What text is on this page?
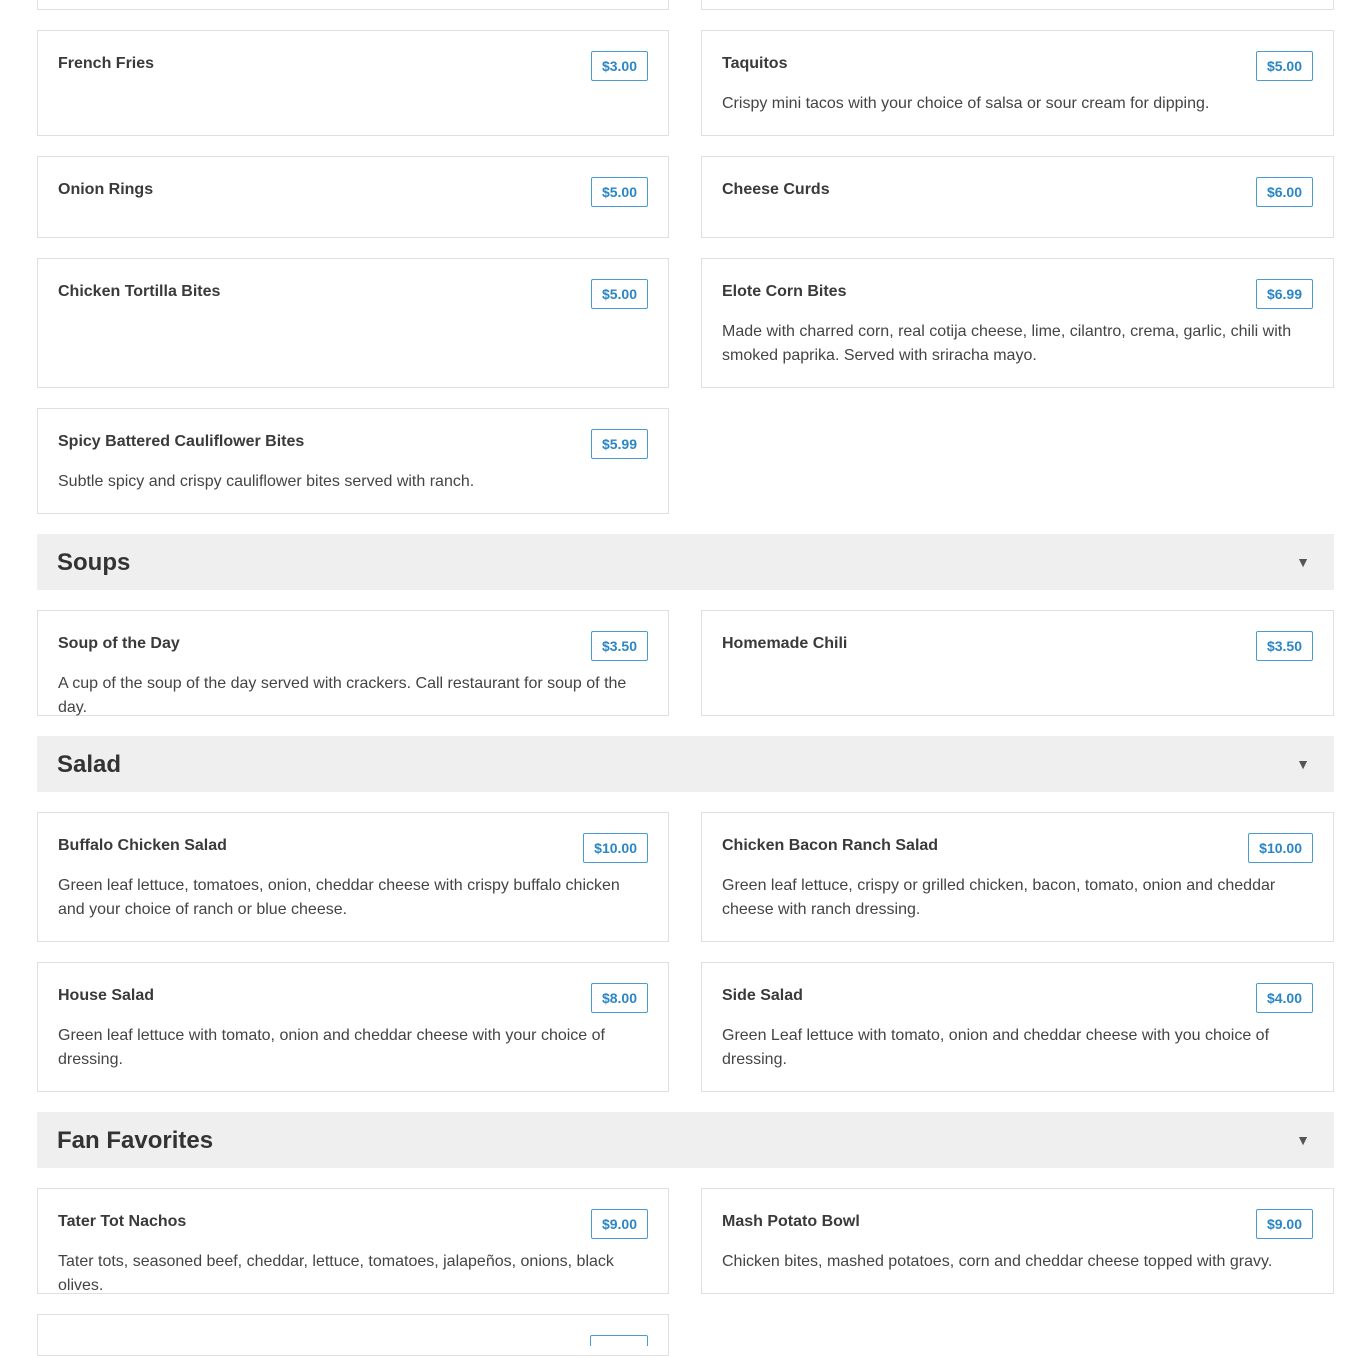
French Fries	$3.00	Taquitos	$5.00
Crispy mini tacos with your choice of salsa or sour cream for dipping.
Onion Rings	$5.00	Cheese Curds	$6.00
Chicken Tortilla Bites	$5.00	Elote Corn Bites	$6.99
Made with charred corn, real cotija cheese, lime, cilantro, crema, garlic, chili with smoked paprika. Served with sriracha mayo.
Spicy Battered Cauliflower Bites	$5.99
Subtle spicy and crispy cauliflower bites served with ranch.
Soups	▼
Soup of the Day	$3.50
A cup of the soup of the day served with crackers. Call restaurant for soup of the day.
Homemade Chili	$3.50
Salad	▼
Buffalo Chicken Salad	$10.00
Green leaf lettuce, tomatoes, onion, cheddar cheese with crispy buffalo chicken and your choice of ranch or blue cheese.
Chicken Bacon Ranch Salad	$10.00
Green leaf lettuce, crispy or grilled chicken, bacon, tomato, onion and cheddar cheese with ranch dressing.
House Salad	$8.00
Green leaf lettuce with tomato, onion and cheddar cheese with your choice of dressing.
Side Salad	$4.00
Green Leaf lettuce with tomato, onion and cheddar cheese with you choice of dressing.
Fan Favorites	▼
Tater Tot Nachos	$9.00
Tater tots, seasoned beef, cheddar, lettuce, tomatoes, jalapeños, onions, black olives.
Mash Potato Bowl	$9.00
Chicken bites, mashed potatoes, corn and cheddar cheese topped with gravy.
